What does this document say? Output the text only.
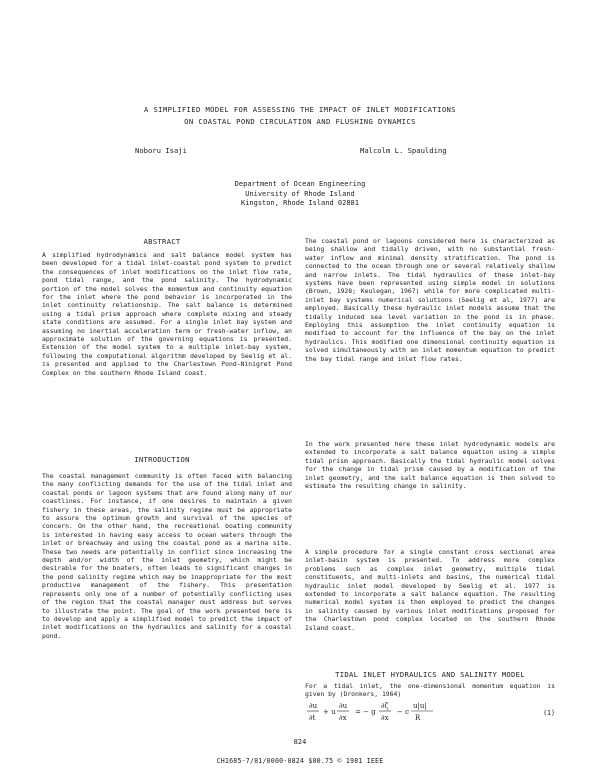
A SIMPLIFIED MODEL FOR ASSESSING THE IMPACT OF INLET MODIFICATIONS
ON COASTAL POND CIRCULATION AND FLUSHING DYNAMICS
Noboru Isaji	Malcolm L. Spaulding
Department of Ocean Engineering
University of Rhode Island
Kingston, Rhode Island 02881
ABSTRACT

A simplified hydrodynamics and salt balance model system has been developed for a tidal inlet-coastal pond system to predict the consequences of inlet modifications on the inlet flow rate, pond tidal range, and the pond salinity. The hydrodynamic portion of the model solves the momentum and continuity equation for the inlet where the pond behavior is incorporated in the inlet continuity relationship. The salt balance is determined using a tidal prism approach where complete mixing and steady state conditions are assumed. For a single inlet bay system and assuming no inertial acceleration term or fresh-water inflow, an approximate solution of the governing equations is presented. Extension of the model system to a multiple inlet-bay system, following the computational algorithm developed by Seelig et al. is presented and applied to the Charlestown Pond-Ninigret Pond Complex on the southern Rhode Island coast.

INTRODUCTION

The coastal management community is often faced with balancing the many conflicting demands for the use of the tidal inlet and coastal ponds or lagoon systems that are found along many of our coastlines. For instance, if one desires to maintain a given fishery in these areas, the salinity regime must be appropriate to assure the optimum growth and survival of the species of concern. On the other hand, the recreational boating community is interested in having easy access to ocean waters through the inlet or breachway and using the coastal pond as a marina site. These two needs are potentially in conflict since increasing the depth and/or width of the inlet geometry, which might be desirable for the boaters, often leads to significant changes in the pond salinity regime which may be inappropriate for the most productive management of the fishery. This presentation represents only one of a number of potentially conflicting uses of the region that the coastal manager must address but serves to illustrate the point. The goal of the work presented here is to develop and apply a simplified model to predict the impact of inlet modifications on the hydraulics and salinity for a coastal pond.

The coastal pond or lagoons considered here is characterized as being shallow and tidally driven, with no substantial fresh-water inflow and minimal density stratification. The pond is connected to the ocean through one or several relatively shallow and narrow inlets. The tidal hydraulics of these inlet-bay systems have been represented using simple model in solutions (Brown, 1928; Keulegan, 1967) while for more complicated multi-inlet bay systems numerical solutions (Seelig et al, 1977) are employed. Basically these hydraulic inlet models assume that the tidally induced sea level variation in the pond is in phase. Employing this assumption the inlet continuity equation is modified to account for the influence of the bay on the inlet hydraulics. This modified one dimensional continuity equation is solved simultaneously with an inlet momentum equation to predict the bay tidal range and inlet flow rates.

In the work presented here these inlet hydrodynamic models are extended to incorporate a salt balance equation using a simple tidal prism approach. Basically the tidal hydraulic model solves for the change in tidal prism caused by a modification of the inlet geometry, and the salt balance equation is then solved to estimate the resulting change in salinity.

A simple procedure for a single constant cross sectional area inlet-basin system is presented. To address more complex problems such as complex inlet geometry, multiple tidal constituents, and multi-inlets and basins, the numerical tidal hydraulic inlet model developed by Seelig et al. 1977 is extended to incorporate a salt balance equation. The resulting numerical model system is then employed to predict the changes in salinity caused by various inlet modifications proposed for the Charlestown pond complex located on the southern Rhode Island coast.

TIDAL INLET HYDRAULICS AND SALINITY MODEL

For a tidal inlet, the one-dimensional momentum equation is given by (Dronkers, 1964)

∂u
∂t
+ u
∂u
∂x
= − g
∂ζ
∂x
− c
u|u|
R
(1)
824
CH1685-7/81/0000-0824 $00.75 © 1981 IEEE
